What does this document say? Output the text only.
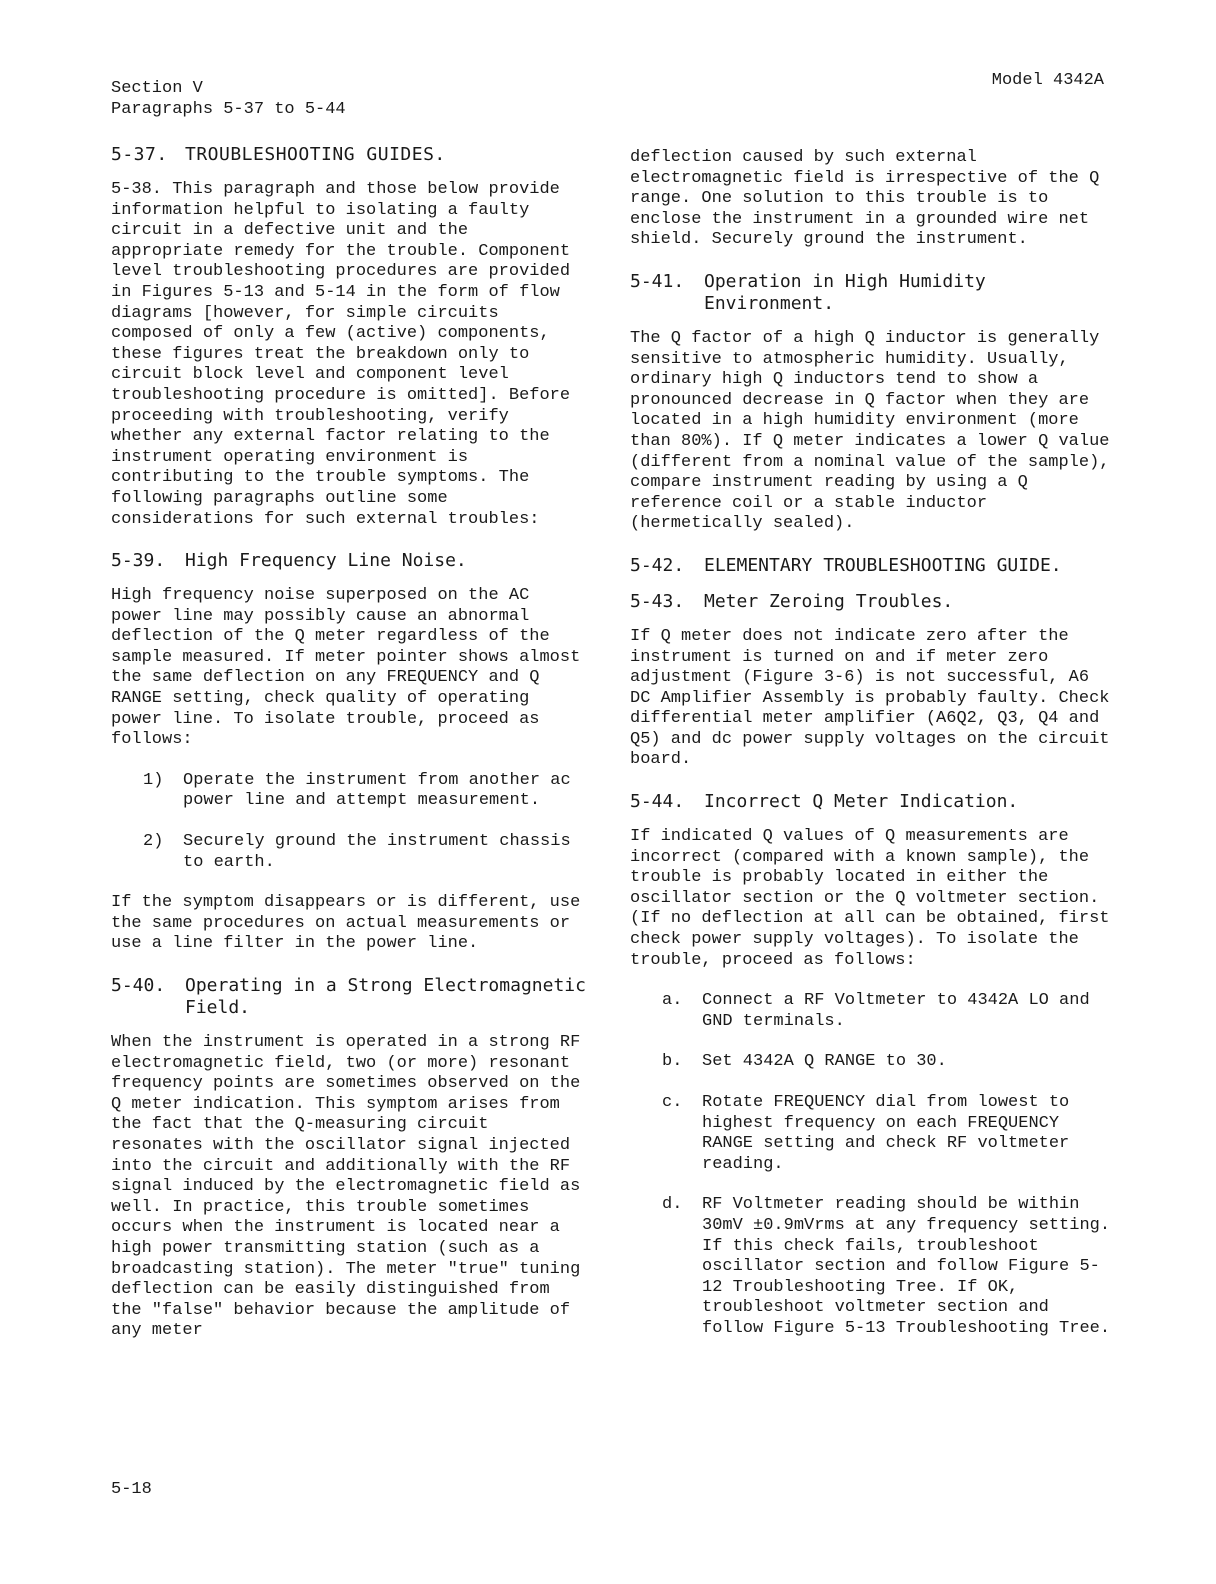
Section V
Paragraphs 5-37 to 5-44
Model 4342A
5-37. TROUBLESHOOTING GUIDES.

5-38. This paragraph and those below provide information helpful to isolating a faulty circuit in a defective unit and the appropriate remedy for the trouble. Component level troubleshooting procedures are provided in Figures 5-13 and 5-14 in the form of flow diagrams [however, for simple circuits composed of only a few (active) components, these figures treat the breakdown only to circuit block level and component level troubleshooting procedure is omitted]. Before proceeding with troubleshooting, verify whether any external factor relating to the instrument operating environment is contributing to the trouble symptoms. The following paragraphs outline some considerations for such external troubles:

5-39.	High Frequency Line Noise.

High frequency noise superposed on the AC power line may possibly cause an abnormal deflection of the Q meter regardless of the sample measured. If meter pointer shows almost the same deflection on any FREQUENCY and Q RANGE setting, check quality of operating power line. To isolate trouble, proceed as follows:

1)	Operate the instrument from another ac power line and attempt measurement.
2)	Securely ground the instrument chassis to earth.

If the symptom disappears or is different, use the same procedures on actual measurements or use a line filter in the power line.

5-40.	Operating in a Strong Electromagnetic Field.

When the instrument is operated in a strong RF electromagnetic field, two (or more) resonant frequency points are sometimes observed on the Q meter indication. This symptom arises from the fact that the Q-measuring circuit resonates with the oscillator signal injected into the circuit and additionally with the RF signal induced by the electromagnetic field as well. In practice, this trouble sometimes occurs when the instrument is located near a high power transmitting station (such as a broadcasting station). The meter "true" tuning deflection can be easily distinguished from the "false" behavior because the amplitude of any meter

deflection caused by such external electromagnetic field is irrespective of the Q range. One solution to this trouble is to enclose the instrument in a grounded wire net shield. Securely ground the instrument.

5-41.	Operation in High Humidity Environment.

The Q factor of a high Q inductor is generally sensitive to atmospheric humidity. Usually, ordinary high Q inductors tend to show a pronounced decrease in Q factor when they are located in a high humidity environment (more than 80%). If Q meter indicates a lower Q value (different from a nominal value of the sample), compare instrument reading by using a Q reference coil or a stable inductor (hermetically sealed).

5-42.	ELEMENTARY TROUBLESHOOTING GUIDE.
5-43.	Meter Zeroing Troubles.

If Q meter does not indicate zero after the instrument is turned on and if meter zero adjustment (Figure 3-6) is not successful, A6 DC Amplifier Assembly is probably faulty. Check differential meter amplifier (A6Q2, Q3, Q4 and Q5) and dc power supply voltages on the circuit board.

5-44.	Incorrect Q Meter Indication.

If indicated Q values of Q measurements are incorrect (compared with a known sample), the trouble is probably located in either the oscillator section or the Q voltmeter section. (If no deflection at all can be obtained, first check power supply voltages). To isolate the trouble, proceed as follows:

a.	Connect a RF Voltmeter to 4342A LO and GND terminals.
b.	Set 4342A Q RANGE to 30.
c.	Rotate FREQUENCY dial from lowest to highest frequency on each FREQUENCY RANGE setting and check RF voltmeter reading.
d.	RF Voltmeter reading should be within 30mV ±0.9mVrms at any frequency setting. If this check fails, troubleshoot oscillator section and follow Figure 5-12 Troubleshooting Tree. If OK, troubleshoot voltmeter section and follow Figure 5-13 Troubleshooting Tree.
5-18
